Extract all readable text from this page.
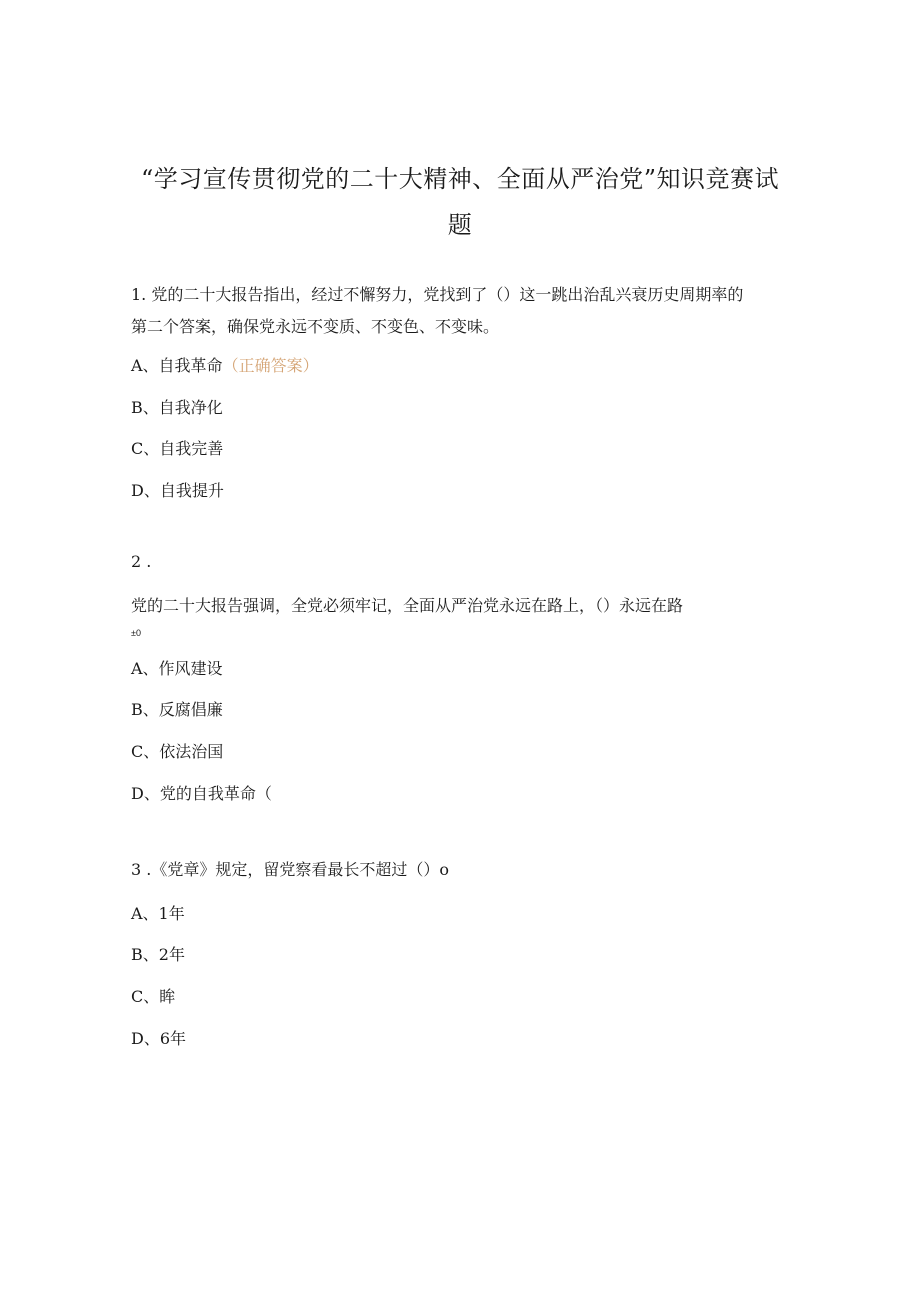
“学习宣传贯彻党的二十大精神、全面从严治党”知识竞赛试
题
1. 党的二十大报告指出，经过不懈努力，党找到了（）这一跳出治乱兴衰历史周期率的
第二个答案，确保党永远不变质、不变色、不变味。
A、自我革命（正确答案）
B、自我净化
C、自我完善
D、自我提升
2 .
党的二十大报告强调，全党必须牢记，全面从严治党永远在路上，（）永远在路
±0
A、作风建设
B、反腐倡廉
C、依法治国
D、党的自我革命（
3 .《党章》规定，留党察看最长不超过（）o
A、1年
B、2年
C、眸
D、6年
